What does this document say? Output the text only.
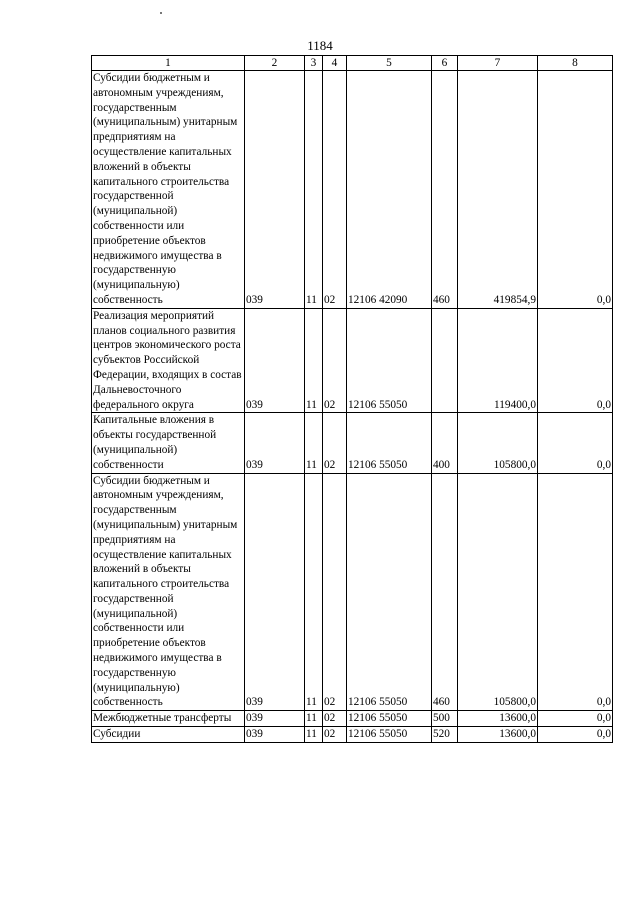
1184
1	2	3	4	5	6	7	8
Субсидии бюджетным и автономным учреждениям, государственным (муниципальным) унитарным предприятиям на осуществление капитальных вложений в объекты капитального строительства государственной (муниципальной) собственности или приобретение объектов недвижимого имущества в государственную (муниципальную) собственность	039	11	02	12106 42090	460	419854,9	0,0
Реализация мероприятий планов социального развития центров экономического роста субъектов Российской Федерации, входящих в состав Дальневосточного федерального округа	039	11	02	12106 55050		119400,0	0,0
Капитальные вложения в объекты государственной (муниципальной) собственности	039	11	02	12106 55050	400	105800,0	0,0
Субсидии бюджетным и автономным учреждениям, государственным (муниципальным) унитарным предприятиям на осуществление капитальных вложений в объекты капитального строительства государственной (муниципальной) собственности или приобретение объектов недвижимого имущества в государственную (муниципальную) собственность	039	11	02	12106 55050	460	105800,0	0,0
Межбюджетные трансферты	039	11	02	12106 55050	500	13600,0	0,0
Субсидии	039	11	02	12106 55050	520	13600,0	0,0
